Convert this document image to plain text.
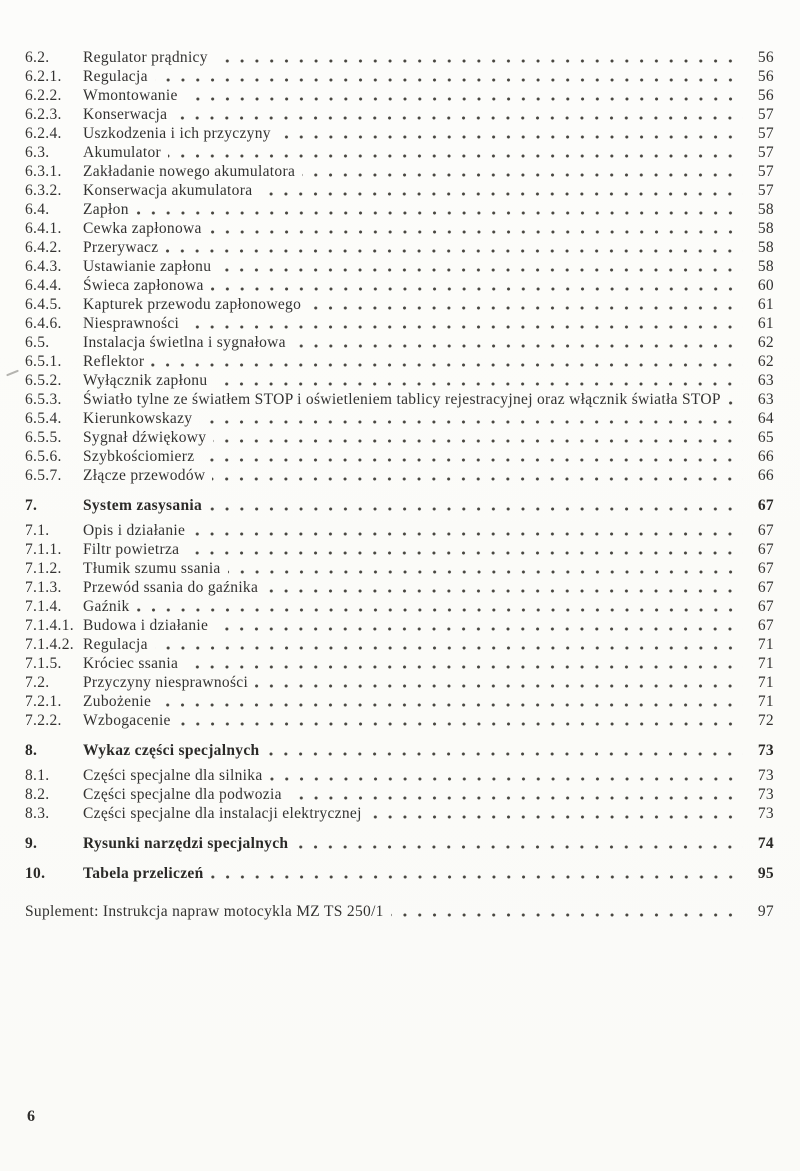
6.2.	Regulator prądnicy	56
6.2.1.	Regulacja	56
6.2.2.	Wmontowanie	56
6.2.3.	Konserwacja	57
6.2.4.	Uszkodzenia i ich przyczyny	57
6.3.	Akumulator	57
6.3.1.	Zakładanie nowego akumulatora	57
6.3.2.	Konserwacja akumulatora	57
6.4.	Zapłon	58
6.4.1.	Cewka zapłonowa	58
6.4.2.	Przerywacz	58
6.4.3.	Ustawianie zapłonu	58
6.4.4.	Świeca zapłonowa	60
6.4.5.	Kapturek przewodu zapłonowego	61
6.4.6.	Niesprawności	61
6.5.	Instalacja świetlna i sygnałowa	62
6.5.1.	Reflektor	62
6.5.2.	Wyłącznik zapłonu	63
6.5.3.	Światło tylne ze światłem STOP i oświetleniem tablicy rejestracyjnej oraz włącznik światła STOP	63
6.5.4.	Kierunkowskazy	64
6.5.5.	Sygnał dźwiękowy	65
6.5.6.	Szybkościomierz	66
6.5.7.	Złącze przewodów	66
7.	System zasysania	67
7.1.	Opis i działanie	67
7.1.1.	Filtr powietrza	67
7.1.2.	Tłumik szumu ssania	67
7.1.3.	Przewód ssania do gaźnika	67
7.1.4.	Gaźnik	67
7.1.4.1. Budowa i działanie	67
7.1.4.2. Regulacja	71
7.1.5.	Króciec ssania	71
7.2.	Przyczyny niesprawności	71
7.2.1.	Zubożenie	71
7.2.2.	Wzbogacenie	72
8.	Wykaz części specjalnych	73
8.1.	Części specjalne dla silnika	73
8.2.	Części specjalne dla podwozia	73
8.3.	Części specjalne dla instalacji elektrycznej	73
9.	Rysunki narzędzi specjalnych	74
10.	Tabela przeliczeń	95
Suplement: Instrukcja napraw motocykla MZ TS 250/1	97
6
